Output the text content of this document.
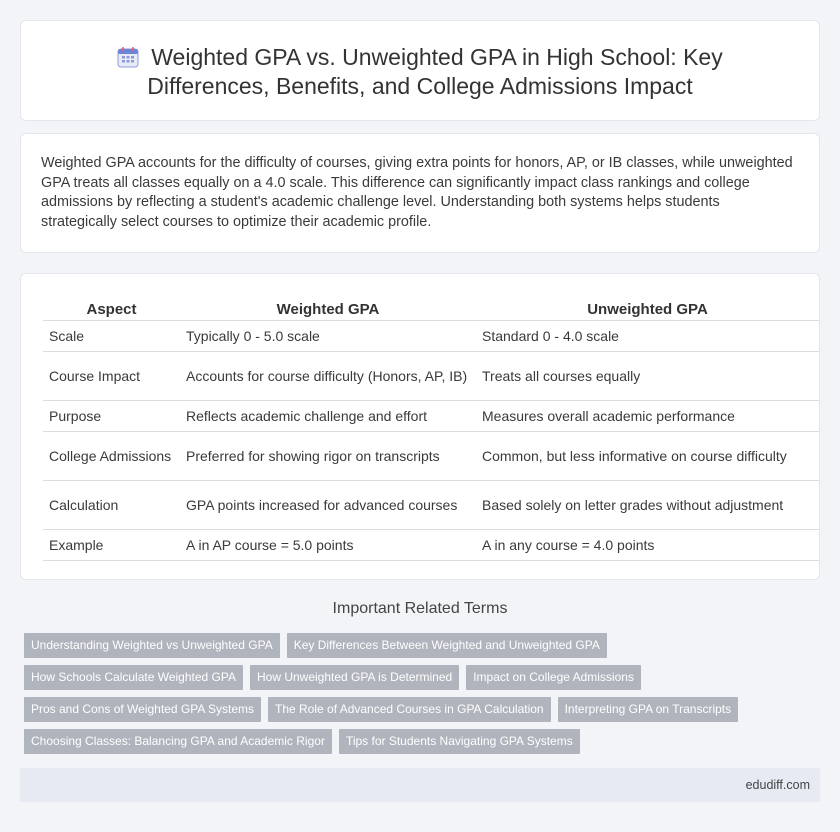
Weighted GPA vs. Unweighted GPA in High School: Key
Differences, Benefits, and College Admissions Impact

Weighted GPA accounts for the difficulty of courses, giving extra points for honors, AP, or IB classes, while unweighted GPA treats all classes equally on a 4.0 scale. This difference can significantly impact class rankings and college admissions by reflecting a student's academic challenge level. Understanding both systems helps students strategically select courses to optimize their academic profile.

Aspect	Weighted GPA	Unweighted GPA
Scale	Typically 0 - 5.0 scale	Standard 0 - 4.0 scale
Course Impact	Accounts for course difficulty (Honors, AP, IB)	Treats all courses equally
Purpose	Reflects academic challenge and effort	Measures overall academic performance
College Admissions	Preferred for showing rigor on transcripts	Common, but less informative on course difficulty
Calculation	GPA points increased for advanced courses	Based solely on letter grades without adjustment
Example	A in AP course = 5.0 points	A in any course = 4.0 points
Important Related Terms
Understanding Weighted vs Unweighted GPA Key Differences Between Weighted and Unweighted GPA
How Schools Calculate Weighted GPA How Unweighted GPA is Determined Impact on College Admissions
Pros and Cons of Weighted GPA Systems The Role of Advanced Courses in GPA Calculation Interpreting GPA on Transcripts
Choosing Classes: Balancing GPA and Academic Rigor Tips for Students Navigating GPA Systems
edudiff.com
